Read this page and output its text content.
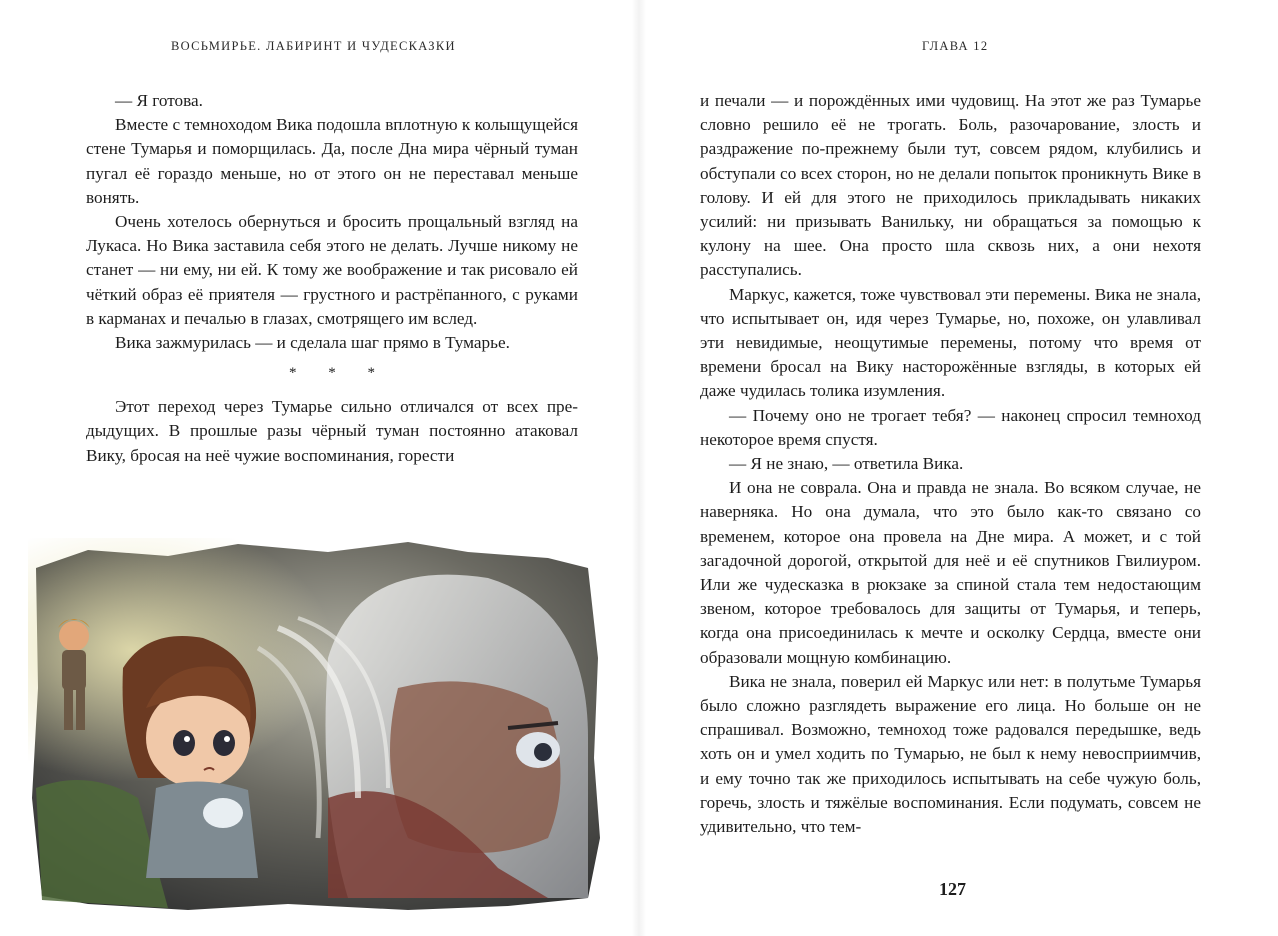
ВОСЬМИРЬЕ. ЛАБИРИНТ И ЧУДЕСКАЗКИ

— Я готова.

Вместе с темноходом Вика подошла вплотную к колыщущейся стене Тумарья и поморщилась. Да, после Дна мира чёрный туман пугал её гораздо меньше, но от этого он не переставал меньше вонять.

Очень хотелось обернуться и бросить прощальный взгляд на Лукаса. Но Вика заставила себя этого не делать. Лучше никому не станет — ни ему, ни ей. К тому же воображение и так рисовало ей чёткий образ её приятеля — грустного и растрёпанного, с руками в карманах и печалью в глазах, смотрящего им вслед.

Вика зажмурилась — и сделала шаг прямо в Тумарье.

* * *

Этот переход через Тумарье сильно отличался от всех предыдущих. В прошлые разы чёрный туман постоянно атаковал Вику, бросая на неё чужие воспоминания, горести

ГЛАВА 12

и печали — и порождённых ими чудовищ. На этот же раз Тумарье словно решило её не трогать. Боль, разочарование, злость и раздражение по-прежнему были тут, совсем рядом, клубились и обступали со всех сторон, но не делали попыток проникнуть Вике в голову. И ей для этого не приходилось прикладывать никаких усилий: ни призывать Ванильку, ни обращаться за помощью к кулону на шее. Она просто шла сквозь них, а они нехотя расступались.

Маркус, кажется, тоже чувствовал эти перемены. Вика не знала, что испытывает он, идя через Тумарье, но, похоже, он улавливал эти невидимые, неощутимые перемены, потому что время от времени бросал на Вику насторожённые взгляды, в которых ей даже чудилась толика изумления.

— Почему оно не трогает тебя? — наконец спросил темноход некоторое время спустя.

— Я не знаю, — ответила Вика.

И она не соврала. Она и правда не знала. Во всяком случае, не наверняка. Но она думала, что это было как-то связано со временем, которое она провела на Дне мира. А может, и с той загадочной дорогой, открытой для неё и её спутников Гвилиуром. Или же чудесказка в рюкзаке за спиной стала тем недостающим звеном, которое требовалось для защиты от Тумарья, и теперь, когда она присоединилась к мечте и осколку Сердца, вместе они образовали мощную комбинацию.

Вика не знала, поверил ей Маркус или нет: в полутьме Тумарья было сложно разглядеть выражение его лица. Но больше он не спрашивал. Возможно, темноход тоже радовался передышке, ведь хоть он и умел ходить по Тумарью, не был к нему невосприимчив, и ему точно так же приходилось испытывать на себе чужую боль, горечь, злость и тяжёлые воспоминания. Если подумать, совсем не удивительно, что тем-

127
